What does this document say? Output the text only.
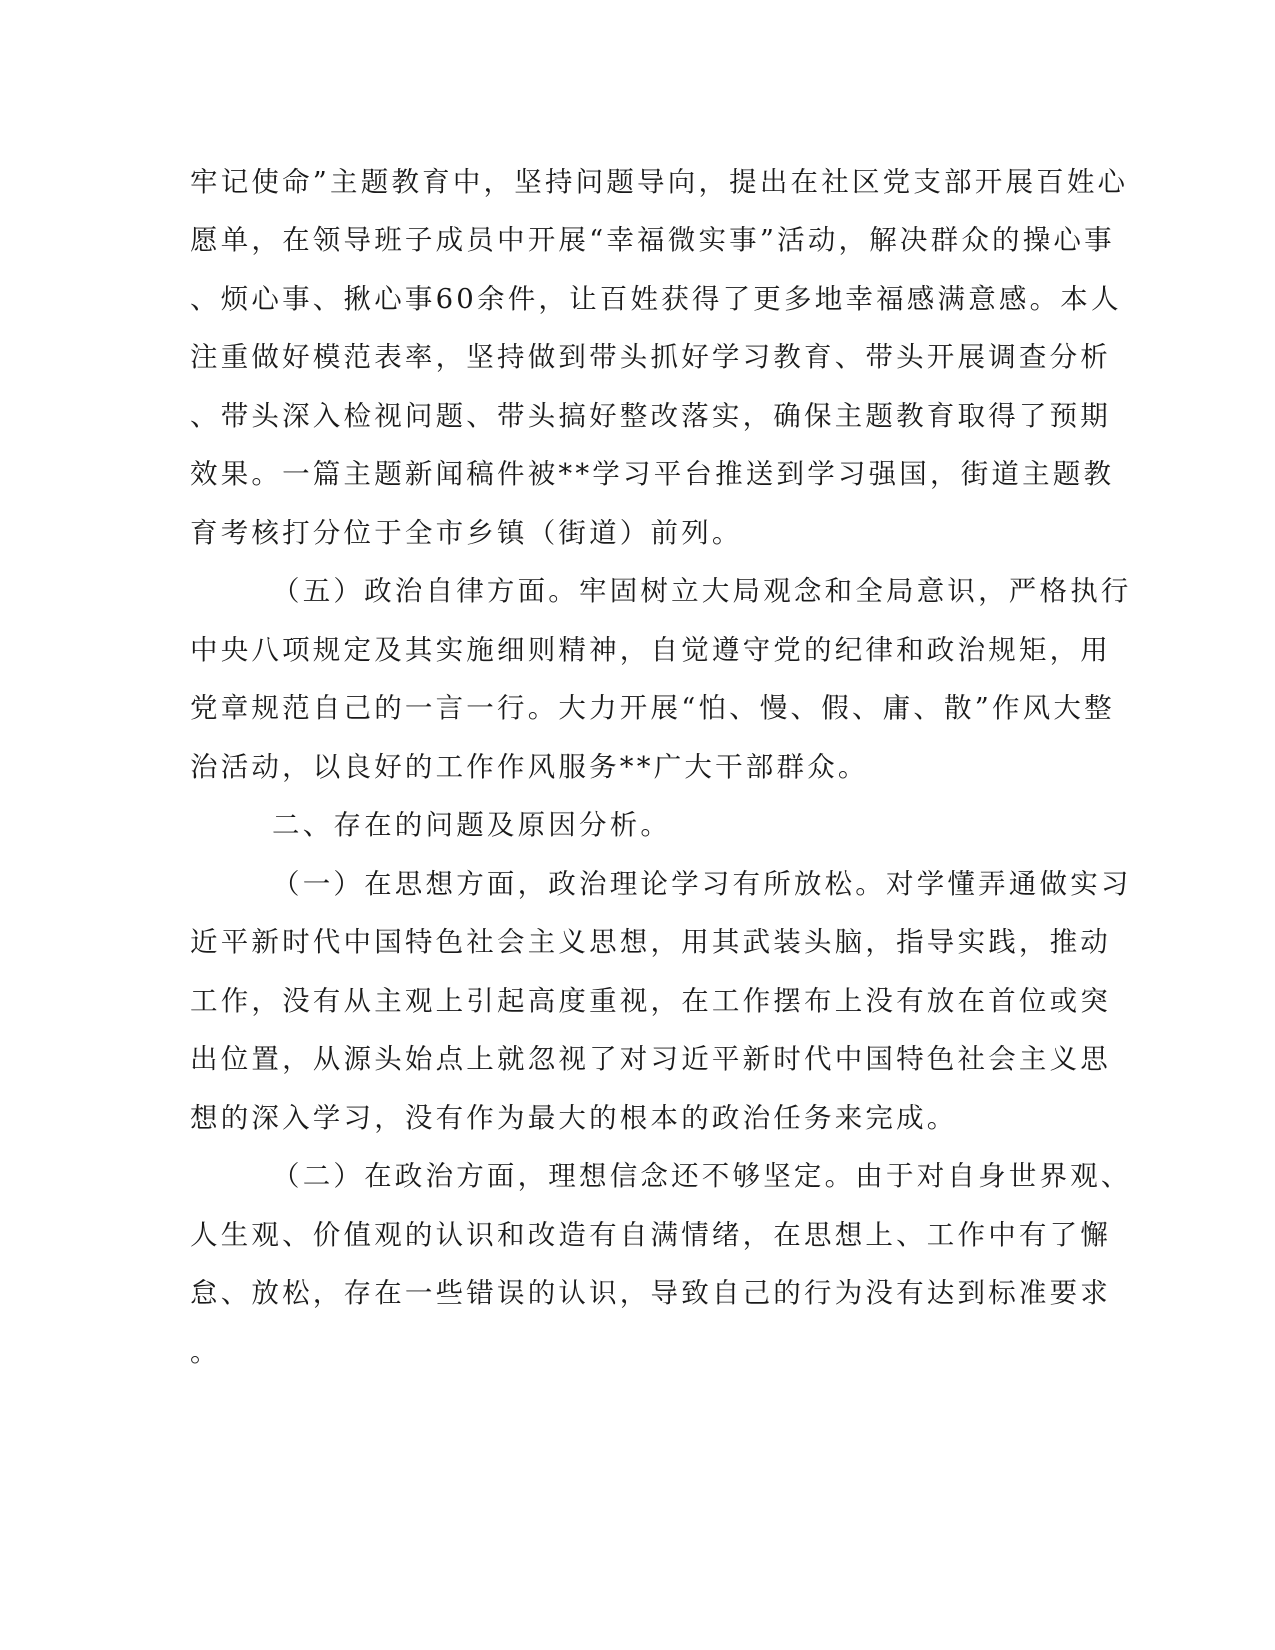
牢记使命”主题教育中，坚持问题导向，提出在社区党支部开展百姓心

愿单，在领导班子成员中开展“幸福微实事”活动，解决群众的操心事

、烦心事、揪心事60余件，让百姓获得了更多地幸福感满意感。本人

注重做好模范表率，坚持做到带头抓好学习教育、带头开展调查分析

、带头深入检视问题、带头搞好整改落实，确保主题教育取得了预期

效果。一篇主题新闻稿件被**学习平台推送到学习强国，街道主题教

育考核打分位于全市乡镇（街道）前列。

（五）政治自律方面。牢固树立大局观念和全局意识，严格执行

中央八项规定及其实施细则精神，自觉遵守党的纪律和政治规矩，用

党章规范自己的一言一行。大力开展“怕、慢、假、庸、散”作风大整

治活动，以良好的工作作风服务**广大干部群众。

二、存在的问题及原因分析。

（一）在思想方面，政治理论学习有所放松。对学懂弄通做实习

近平新时代中国特色社会主义思想，用其武装头脑，指导实践，推动

工作，没有从主观上引起高度重视，在工作摆布上没有放在首位或突

出位置，从源头始点上就忽视了对习近平新时代中国特色社会主义思

想的深入学习，没有作为最大的根本的政治任务来完成。

（二）在政治方面，理想信念还不够坚定。由于对自身世界观、

人生观、价值观的认识和改造有自满情绪，在思想上、工作中有了懈

怠、放松，存在一些错误的认识，导致自己的行为没有达到标准要求

。
